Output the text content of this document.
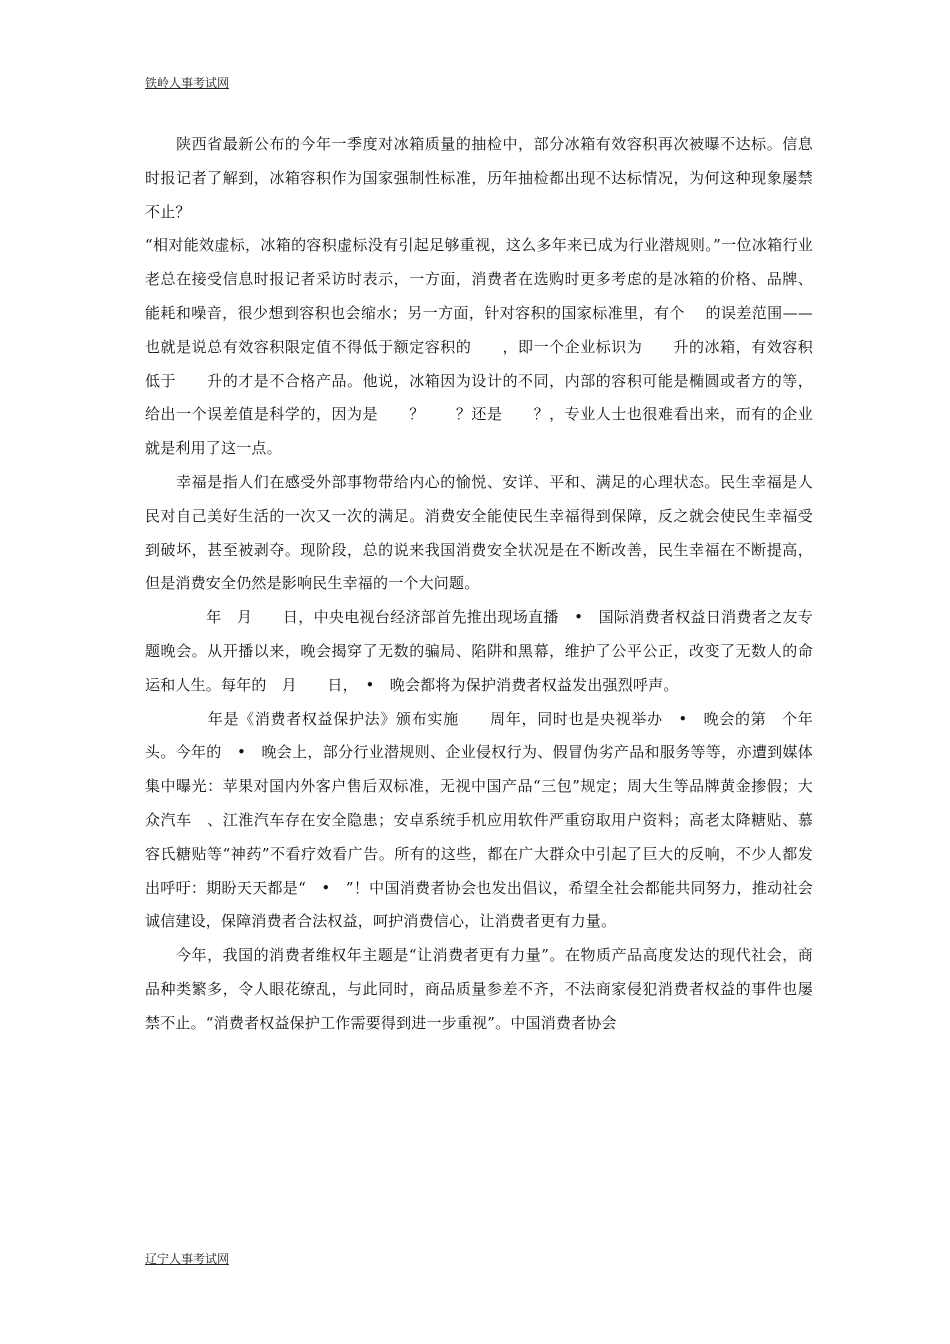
铁岭人事考试网

　　陕西省最新公布的今年一季度对冰箱质量的抽检中，部分冰箱有效容积再次被曝不达标。信息时报记者了解到，冰箱容积作为国家强制性标准，历年抽检都出现不达标情况，为何这种现象屡禁不止？

“相对能效虚标，冰箱的容积虚标没有引起足够重视，这么多年来已成为行业潜规则。”一位冰箱行业老总在接受信息时报记者采访时表示，一方面，消费者在选购时更多考虑的是冰箱的价格、品牌、能耗和噪音，很少想到容积也会缩水；另一方面，针对容积的国家标准里，有个　 的误差范围——也就是说总有效容积限定值不得低于额定容积的　　，即一个企业标识为　　升的冰箱，有效容积低于　　升的才是不合格产品。他说，冰箱因为设计的不同，内部的容积可能是椭圆或者方的等，给出一个误差值是科学的，因为是　　？　　？还是　　？，专业人士也很难看出来，而有的企业就是利用了这一点。

　　幸福是指人们在感受外部事物带给内心的愉悦、安详、平和、满足的心理状态。民生幸福是人民对自己美好生活的一次又一次的满足。消费安全能使民生幸福得到保障，反之就会使民生幸福受到破坏，甚至被剥夺。现阶段，总的说来我国消费安全状况是在不断改善，民生幸福在不断提高，但是消费安全仍然是影响民生幸福的一个大问题。

　　　　年　月　　日，中央电视台经济部首先推出现场直播　•　国际消费者权益日消费者之友专题晚会。从开播以来，晚会揭穿了无数的骗局、陷阱和黑幕，维护了公平公正，改变了无数人的命运和人生。每年的　月　　日，　•　晚会都将为保护消费者权益发出强烈呼声。

　　　　年是《消费者权益保护法》颁布实施　　周年，同时也是央视举办　•　晚会的第　个年头。今年的　•　晚会上，部分行业潜规则、企业侵权行为、假冒伪劣产品和服务等等，亦遭到媒体集中曝光：苹果对国内外客户售后双标准，无视中国产品“三包”规定；周大生等品牌黄金掺假；大众汽车　、江淮汽车存在安全隐患；安卓系统手机应用软件严重窃取用户资料；高老太降糖贴、慕容氏糖贴等“神药”不看疗效看广告。所有的这些，都在广大群众中引起了巨大的反响，不少人都发出呼吁：期盼天天都是“　•　”！中国消费者协会也发出倡议，希望全社会都能共同努力，推动社会诚信建设，保障消费者合法权益，呵护消费信心，让消费者更有力量。

　　今年，我国的消费者维权年主题是“让消费者更有力量”。在物质产品高度发达的现代社会，商品种类繁多，令人眼花缭乱，与此同时，商品质量参差不齐，不法商家侵犯消费者权益的事件也屡禁不止。“消费者权益保护工作需要得到进一步重视”。中国消费者协会

辽宁人事考试网
